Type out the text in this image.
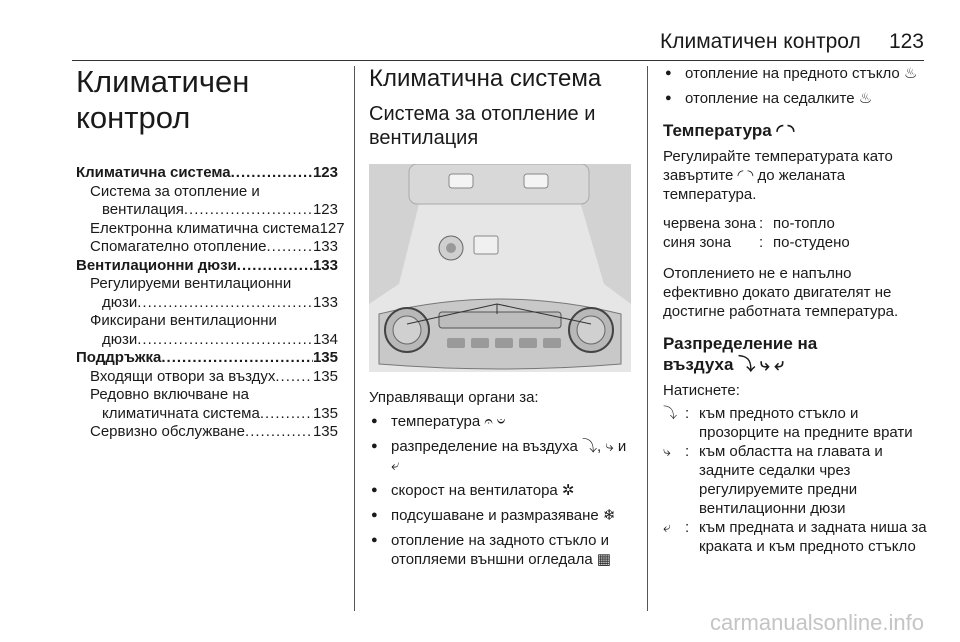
Климатичен контрол 123
Климатичен
контрол
Климатична система .....	123
Система за отопление и
вентилация .....	123
Електронна климатична система 127
Спомагателно отопление .....	133
Вентилационни дюзи .....	133
Регулируеми вентилационни
дюзи .....	133
Фиксирани вентилационни
дюзи .....	134
Поддръжка .....	135
Входящи отвори за въздух .....	135
Редовно включване на
климатичната система .....	135
Сервизно обслужване .....	135
Климатична система
Система за отопление и вентилация
Управляващи органи за:
● температура 𝄐 𝄑
● разпределение на въздуха ⤵, ⤷ и ⤶
● скорост на вентилатора ✲
● подсушаване и размразяване ❄
● отопление на задното стъкло и отопляеми външни огледала ▦
● отопление на предното стъкло ♨
● отопление на седалките ♨
Температура ◜ ◝
Регулирайте температурата като завъртите ◜ ◝ до желаната температура.
червена зона	:	по-топло
синя зона	:	по-студено
Отоплението не е напълно ефективно докато двигателят не достигне работната температура.
Разпределение на
въздуха ⤵ ⤷ ⤶
Натиснете:
⤵	:	към предното стъкло и прозорците на предните врати
⤷	:	към областта на главата и задните седалки чрез регулируемите предни вентилационни дюзи
⤶	:	към предната и задната ниша за краката и към предното стъкло
carmanualsonline.info
